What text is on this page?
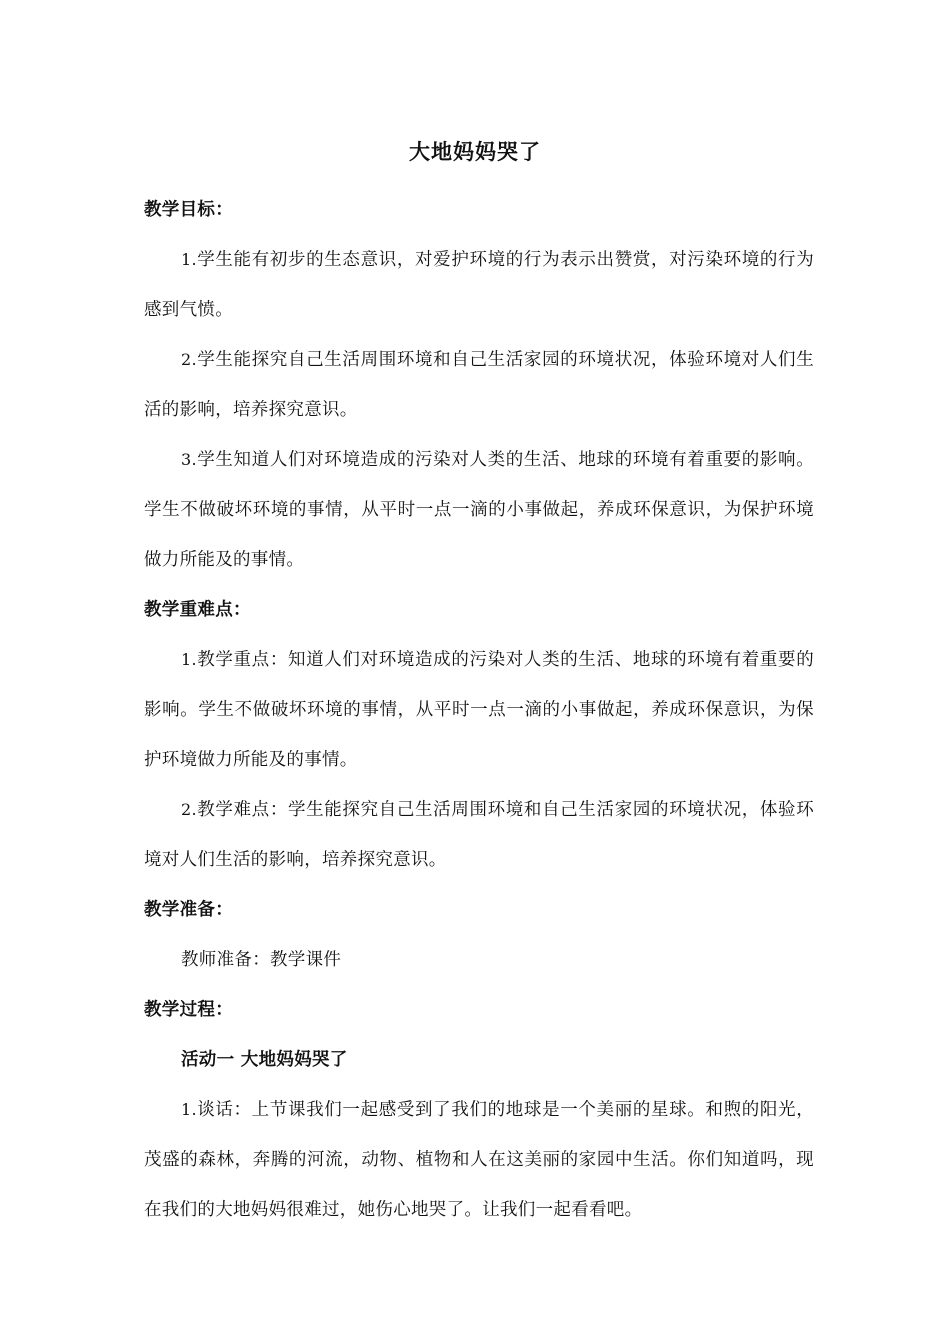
大地妈妈哭了

教学目标：

1.学生能有初步的生态意识，对爱护环境的行为表示出赞赏，对污染环境的行为感到气愤。

2.学生能探究自己生活周围环境和自己生活家园的环境状况，体验环境对人们生活的影响，培养探究意识。

3.学生知道人们对环境造成的污染对人类的生活、地球的环境有着重要的影响。学生不做破坏环境的事情，从平时一点一滴的小事做起，养成环保意识，为保护环境做力所能及的事情。

教学重难点：

1.教学重点：知道人们对环境造成的污染对人类的生活、地球的环境有着重要的影响。学生不做破坏环境的事情，从平时一点一滴的小事做起，养成环保意识，为保护环境做力所能及的事情。

2.教学难点：学生能探究自己生活周围环境和自己生活家园的环境状况，体验环境对人们生活的影响，培养探究意识。

教学准备：

教师准备：教学课件

教学过程：

活动一 大地妈妈哭了

1.谈话：上节课我们一起感受到了我们的地球是一个美丽的星球。和煦的阳光，茂盛的森林，奔腾的河流，动物、植物和人在这美丽的家园中生活。你们知道吗，现在我们的大地妈妈很难过，她伤心地哭了。让我们一起看看吧。
